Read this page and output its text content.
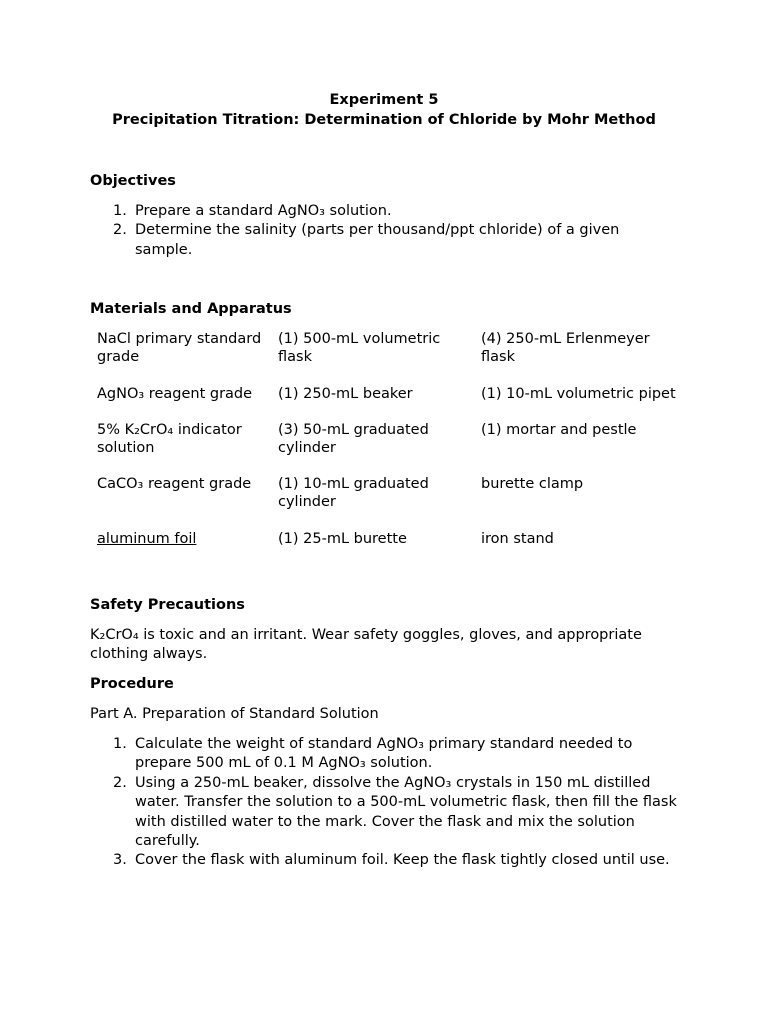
Experiment 5
Precipitation Titration: Determination of Chloride by Mohr Method
Objectives
1. Prepare a standard AgNO₃ solution.
2. Determine the salinity (parts per thousand/ppt chloride) of a given sample.
Materials and Apparatus
NaCl primary standard grade	(1) 500-mL volumetric flask	(4) 250-mL Erlenmeyer flask
AgNO₃ reagent grade	(1) 250-mL beaker	(1) 10-mL volumetric pipet
5% K₂CrO₄ indicator solution	(3) 50-mL graduated cylinder	(1) mortar and pestle
CaCO₃ reagent grade	(1) 10-mL graduated cylinder	burette clamp
aluminum foil	(1) 25-mL burette	iron stand
Safety Precautions

K₂CrO₄ is toxic and an irritant. Wear safety goggles, gloves, and appropriate clothing always.

Procedure

Part A. Preparation of Standard Solution

1. Calculate the weight of standard AgNO₃ primary standard needed to prepare 500 mL of 0.1 M AgNO₃ solution.
2. Using a 250-mL beaker, dissolve the AgNO₃ crystals in 150 mL distilled water. Transfer the solution to a 500-mL volumetric flask, then fill the flask with distilled water to the mark. Cover the flask and mix the solution carefully.
3. Cover the flask with aluminum foil. Keep the flask tightly closed until use.
